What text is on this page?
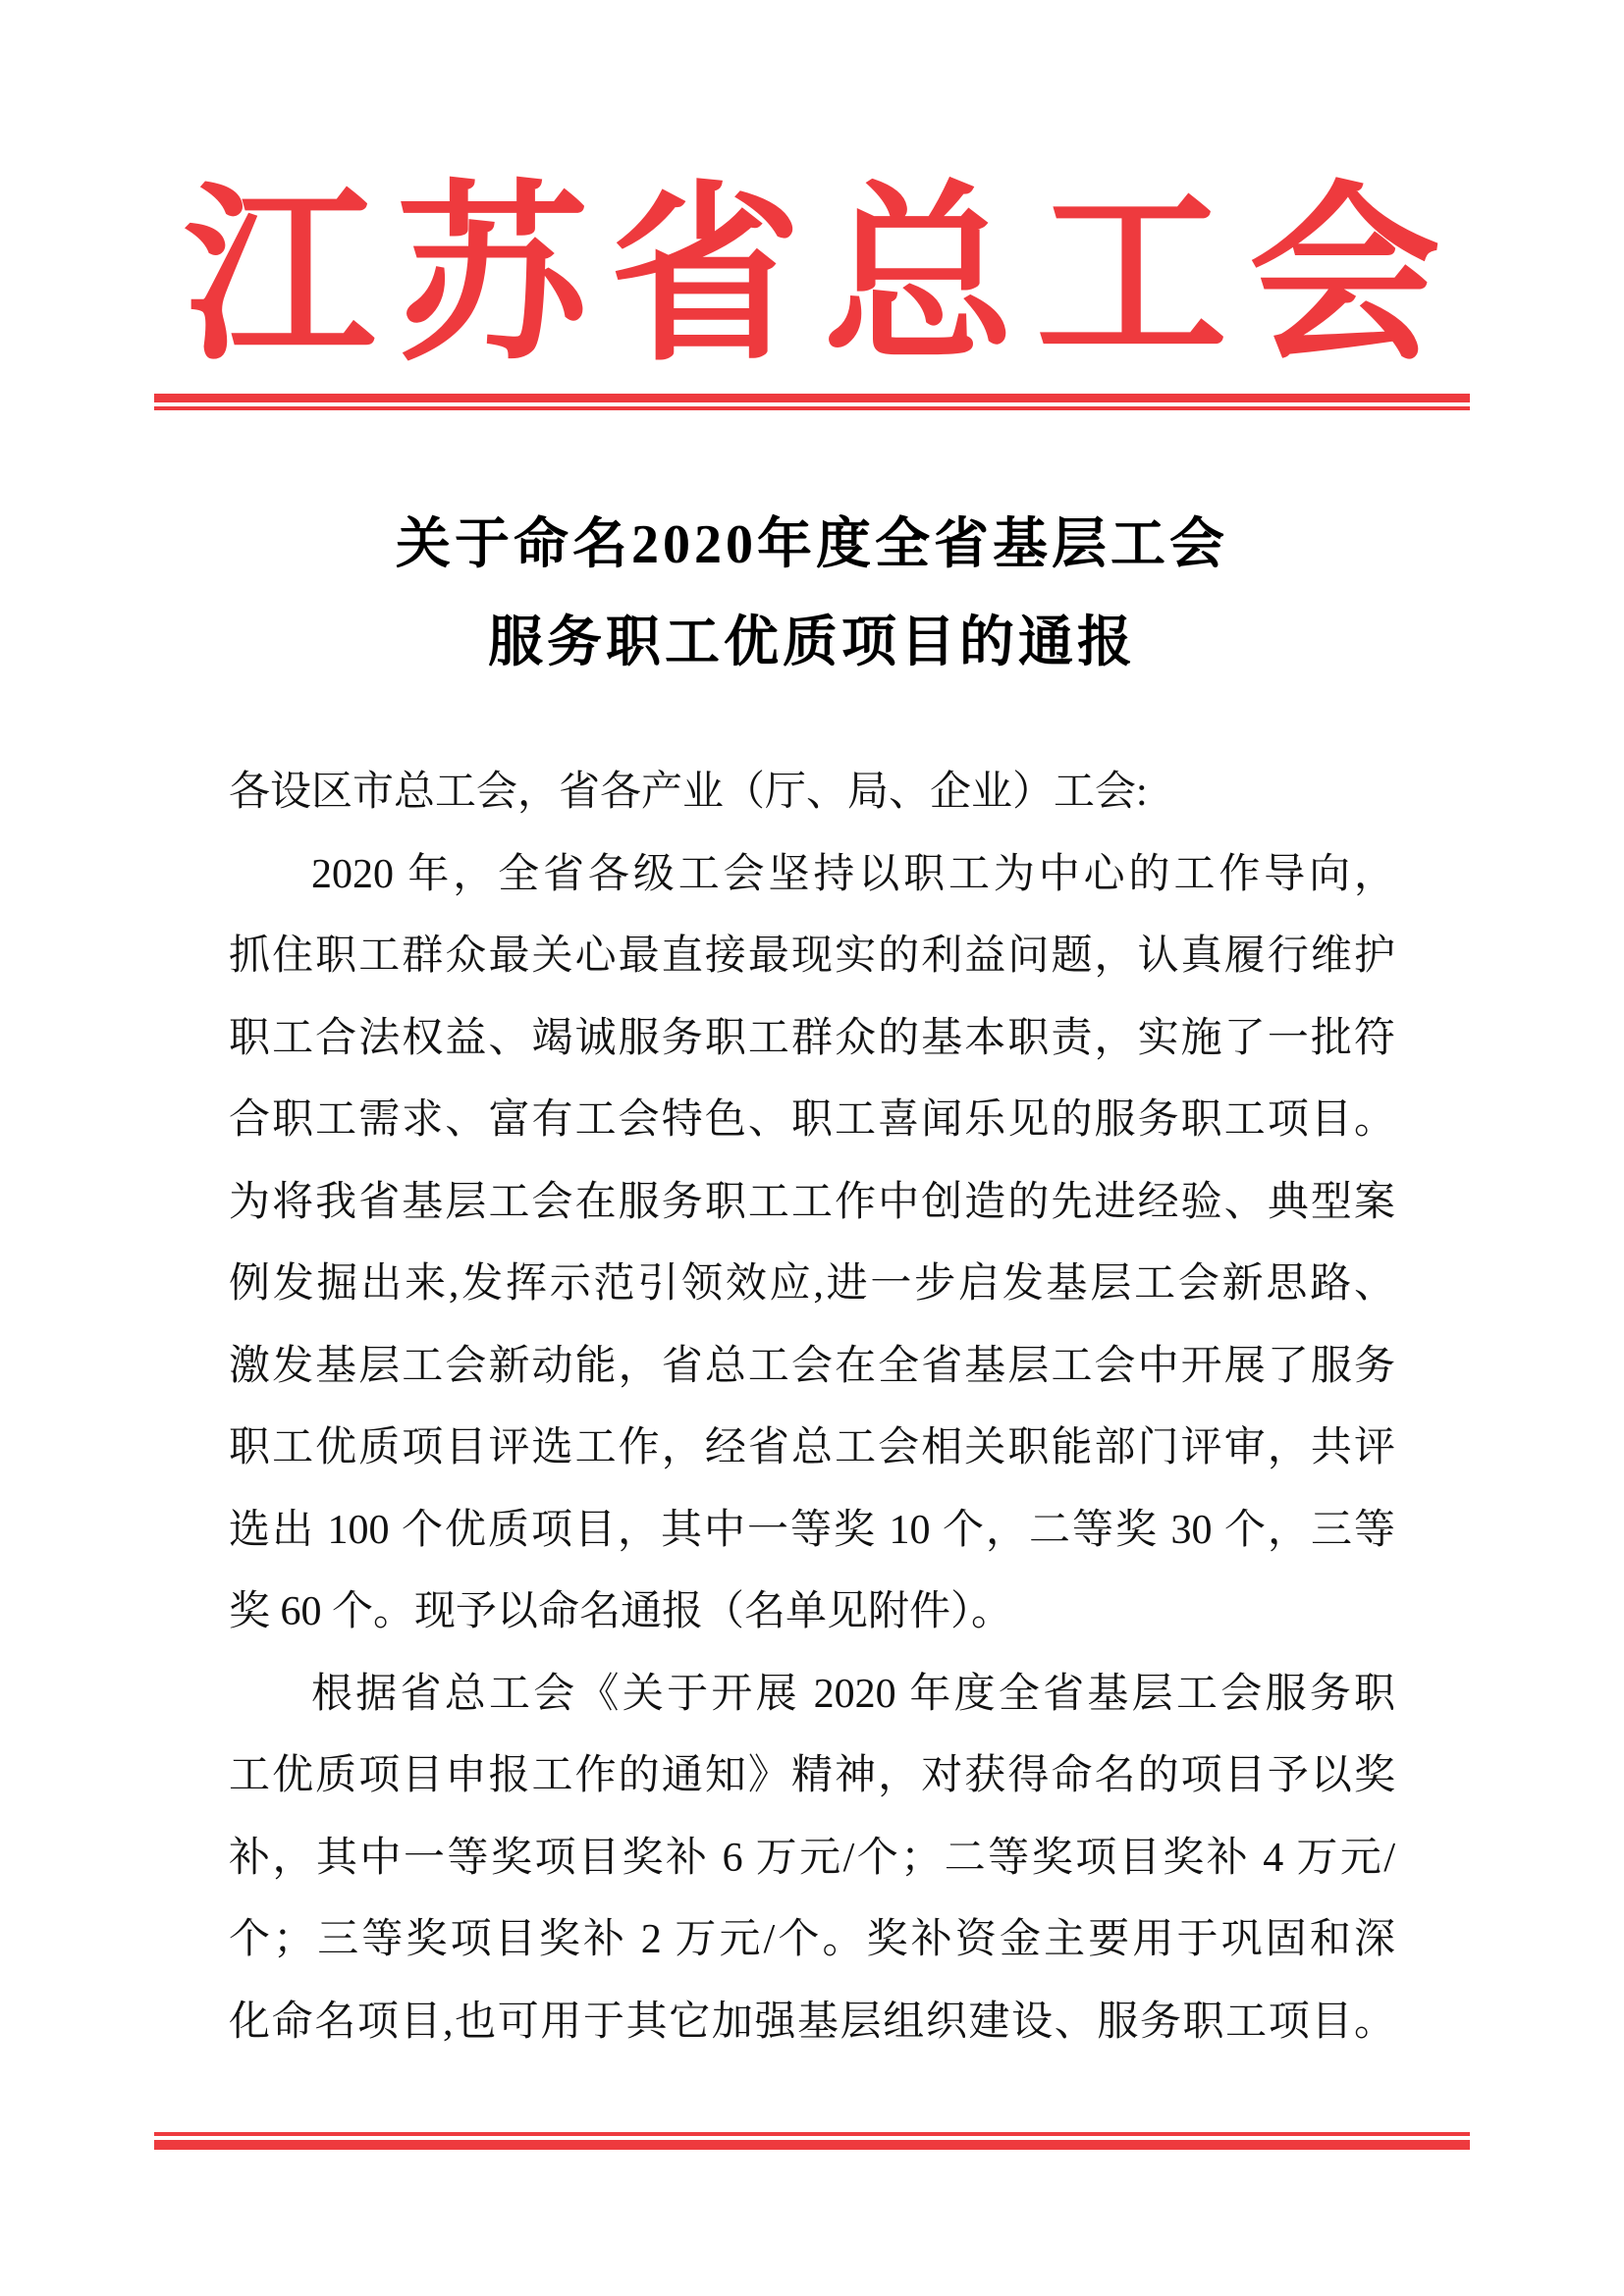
江苏省总工会
关于命名2020年度全省基层工会
服务职工优质项目的通报
各设区市总工会，省各产业（厅、局、企业）工会:
2020 年，全省各级工会坚持以职工为中心的工作导向，
抓住职工群众最关心最直接最现实的利益问题，认真履行维护
职工合法权益、竭诚服务职工群众的基本职责，实施了一批符
合职工需求、富有工会特色、职工喜闻乐见的服务职工项目。
为将我省基层工会在服务职工工作中创造的先进经验、典型案
例发掘出来,发挥示范引领效应,进一步启发基层工会新思路、
激发基层工会新动能，省总工会在全省基层工会中开展了服务
职工优质项目评选工作，经省总工会相关职能部门评审，共评
选出 100 个优质项目，其中一等奖 10 个，二等奖 30 个，三等
奖 60 个。现予以命名通报（名单见附件）。
根据省总工会《关于开展 2020 年度全省基层工会服务职
工优质项目申报工作的通知》精神，对获得命名的项目予以奖
补，其中一等奖项目奖补 6 万元/个；二等奖项目奖补 4 万元/
个；三等奖项目奖补 2 万元/个。奖补资金主要用于巩固和深
化命名项目,也可用于其它加强基层组织建设、服务职工项目。
